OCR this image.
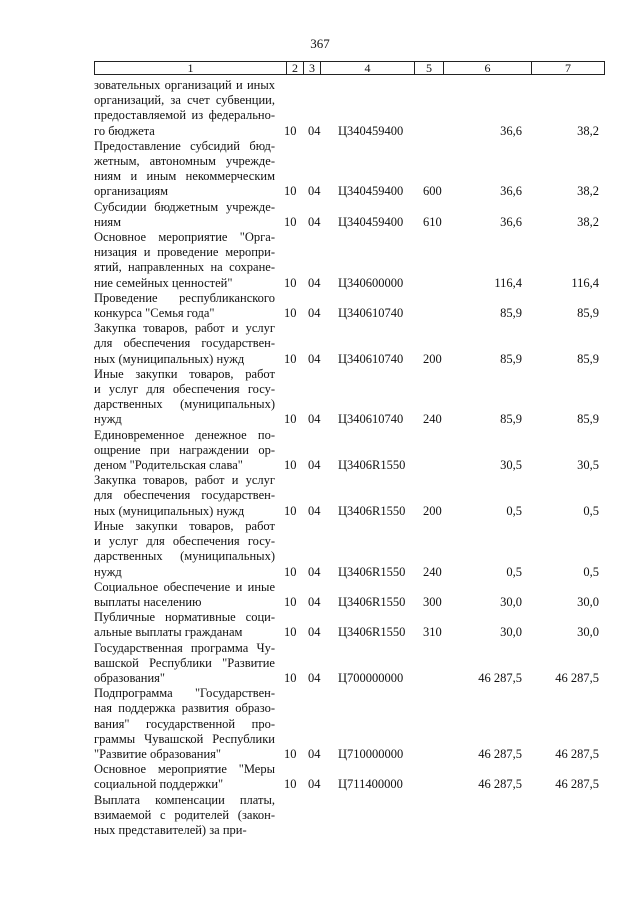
367
1	2 3	4	5	6	7
зовательных организаций и иных
организаций, за счет субвенции,
предоставляемой из федерально-
го бюджета	10 04 Ц340459400	36,6	38,2
Предоставление субсидий бюд-
жетным, автономным учрежде-
ниям и иным некоммерческим
организациям	10 04 Ц340459400 600	36,6	38,2
Субсидии бюджетным учрежде-
ниям	10 04 Ц340459400 610	36,6	38,2
Основное мероприятие "Орга-
низация и проведение меропри-
ятий, направленных на сохране-
ние семейных ценностей"	10 04 Ц340600000	116,4	116,4
Проведение республиканского
конкурса "Семья года"	10 04 Ц340610740	85,9	85,9
Закупка товаров, работ и услуг
для обеспечения государствен-
ных (муниципальных) нужд	10 04 Ц340610740 200	85,9	85,9
Иные закупки товаров, работ
и услуг для обеспечения госу-
дарственных (муниципальных)
нужд	10 04 Ц340610740 240	85,9	85,9
Единовременное денежное по-
ощрение при награждении ор-
деном "Родительская слава"	10 04 Ц3406R1550	30,5	30,5
Закупка товаров, работ и услуг
для обеспечения государствен-
ных (муниципальных) нужд	10 04 Ц3406R1550 200	0,5	0,5
Иные закупки товаров, работ
и услуг для обеспечения госу-
дарственных (муниципальных)
нужд	10 04 Ц3406R1550 240	0,5	0,5
Социальное обеспечение и иные
выплаты населению	10 04 Ц3406R1550 300	30,0	30,0
Публичные нормативные соци-
альные выплаты гражданам	10 04 Ц3406R1550 310	30,0	30,0
Государственная программа Чу-
вашской Республики "Развитие
образования"	10 04 Ц700000000	46 287,5	46 287,5
Подпрограмма "Государствен-
ная поддержка развития образо-
вания" государственной про-
граммы Чувашской Республики
"Развитие образования"	10 04 Ц710000000	46 287,5	46 287,5
Основное мероприятие "Меры
социальной поддержки"	10 04 Ц711400000	46 287,5	46 287,5
Выплата компенсации платы,
взимаемой с родителей (закон-
ных представителей) за при-
